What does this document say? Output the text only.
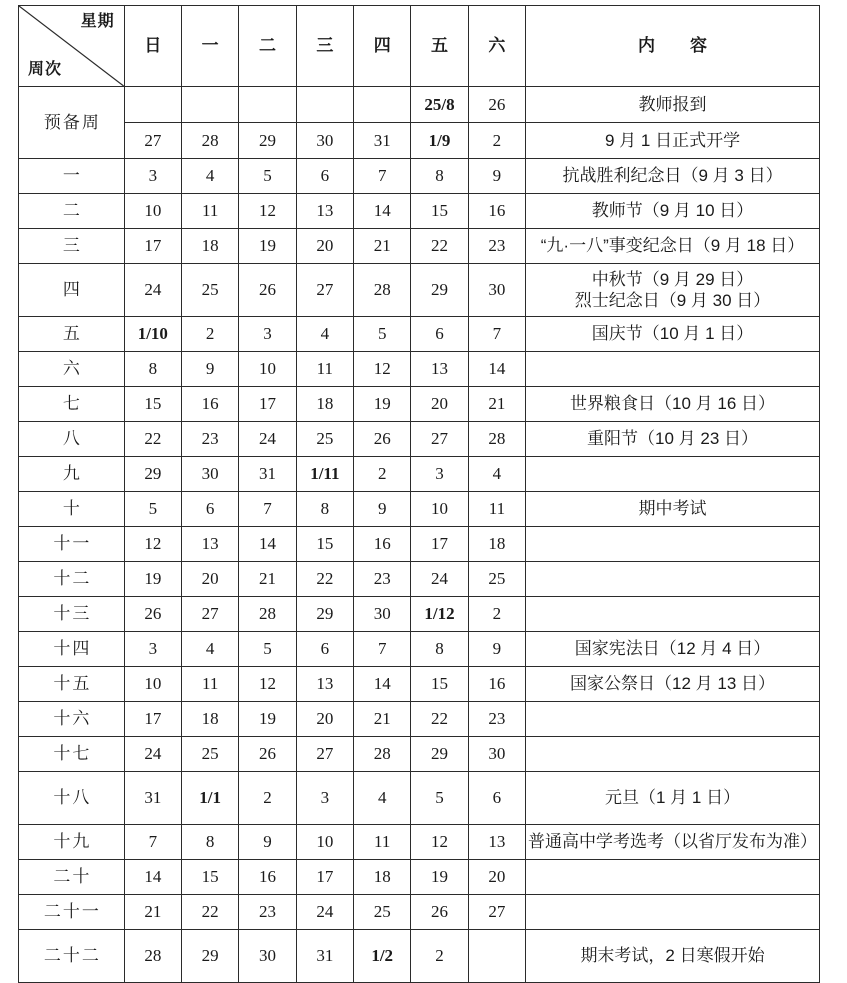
星期
周次	日	一	二	三	四	五	六	内　容
预备周						25/8	26	教师报到
	27	28	29	30	31	1/9	2	9 月 1 日正式开学
一	3	4	5	6	7	8	9	抗战胜利纪念日（9 月 3 日）
二	10	11	12	13	14	15	16	教师节（9 月 10 日）
三	17	18	19	20	21	22	23	“九·一八”事变纪念日（9 月 18 日）
四	24	25	26	27	28	29	30	中秋节（9 月 29 日）
烈士纪念日（9 月 30 日）
五	1/10	2	3	4	5	6	7	国庆节（10 月 1 日）
六	8	9	10	11	12	13	14	
七	15	16	17	18	19	20	21	世界粮食日（10 月 16 日）
八	22	23	24	25	26	27	28	重阳节（10 月 23 日）
九	29	30	31	1/11	2	3	4	
十	5	6	7	8	9	10	11	期中考试
十一	12	13	14	15	16	17	18	
十二	19	20	21	22	23	24	25	
十三	26	27	28	29	30	1/12	2	
十四	3	4	5	6	7	8	9	国家宪法日（12 月 4 日）
十五	10	11	12	13	14	15	16	国家公祭日（12 月 13 日）
十六	17	18	19	20	21	22	23	
十七	24	25	26	27	28	29	30	
十八	31	1/1	2	3	4	5	6	元旦（1 月 1 日）
十九	7	8	9	10	11	12	13	普通高中学考选考（以省厅发布为准）
二十	14	15	16	17	18	19	20	
二十一	21	22	23	24	25	26	27	
二十二	28	29	30	31	1/2	2		期末考试，2 日寒假开始
